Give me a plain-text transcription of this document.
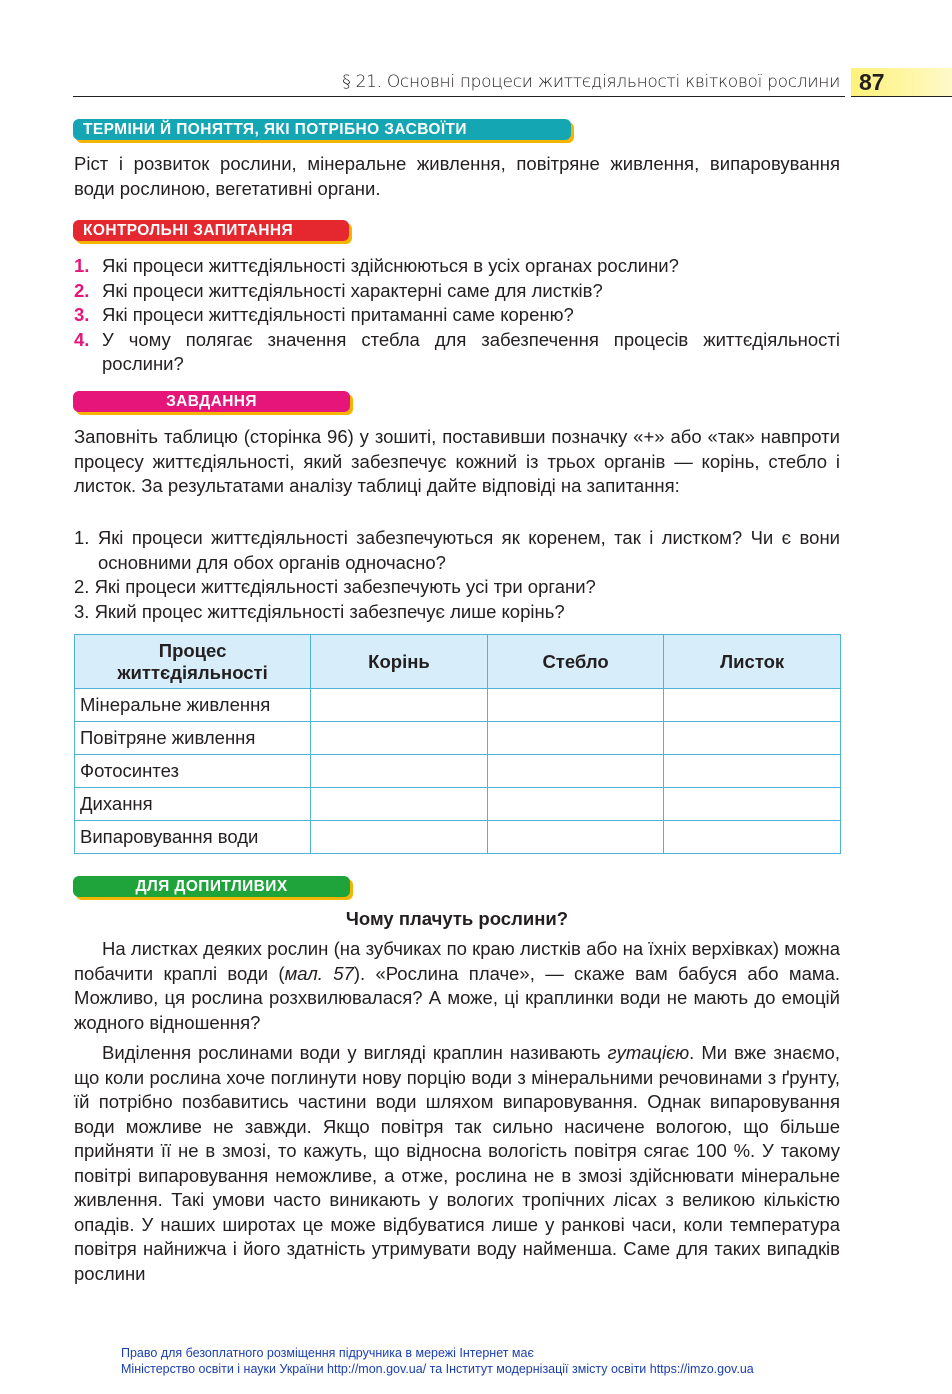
§ 21. Основні процеси життєдіяльності квіткової рослини 87
ТЕРМІНИ Й ПОНЯТТЯ, ЯКІ ПОТРІБНО ЗАСВОЇТИ
Ріст і розвиток рослини, мінеральне живлення, повітряне живлення, випаровування води рослиною, вегетативні органи.
КОНТРОЛЬНІ ЗАПИТАННЯ
1. Які процеси життєдіяльності здійснюються в усіх органах рослини?
2. Які процеси життєдіяльності характерні саме для листків?
3. Які процеси життєдіяльності притаманні саме кореню?
4. У чому полягає значення стебла для забезпечення процесів життєдіяльності рослини?
ЗАВДАННЯ
Заповніть таблицю (сторінка 96) у зошиті, поставивши позначку «+» або «так» навпроти процесу життєдіяльності, який забезпечує кожний із трьох органів — корінь, стебло і листок. За результатами аналізу таблиці дайте відповіді на запитання:
1. Які процеси життєдіяльності забезпечуються як коренем, так і листком? Чи є вони основними для обох органів одночасно?
2. Які процеси життєдіяльності забезпечують усі три органи?
3. Який процес життєдіяльності забезпечує лише корінь?
Процес життєдіяльності	Корінь	Стебло	Листок
Мінеральне живлення			
Повітряне живлення			
Фотосинтез			
Дихання			
Випаровування води			
ДЛЯ ДОПИТЛИВИХ
Чому плачуть рослини?
На листках деяких рослин (на зубчиках по краю листків або на їхніх верхівках) можна побачити краплі води (мал. 57). «Рослина плаче», — скаже вам бабуся або мама. Можливо, ця рослина розхвилювалася? А може, ці краплинки води не мають до емоцій жодного відношення?
Виділення рослинами води у вигляді краплин називають гутацією. Ми вже знаємо, що коли рослина хоче поглинути нову порцію води з мінеральними речовинами з ґрунту, їй потрібно позбавитись частини води шляхом випаровування. Однак випаровування води можливе не завжди. Якщо повітря так сильно насичене вологою, що більше прийняти її не в змозі, то кажуть, що відносна вологість повітря сягає 100 %. У такому повітрі випаровування неможливе, а отже, рослина не в змозі здійснювати мінеральне живлення. Такі умови часто виникають у вологих тропічних лісах з великою кількістю опадів. У наших широтах це може відбуватися лише у ранкові часи, коли температура повітря найнижча і його здатність утримувати воду найменша. Саме для таких випадків рослини
Право для безоплатного розміщення підручника в мережі Інтернет має
Міністерство освіти і науки України http://mon.gov.ua/ та Інститут модернізації змісту освіти https://imzo.gov.ua
